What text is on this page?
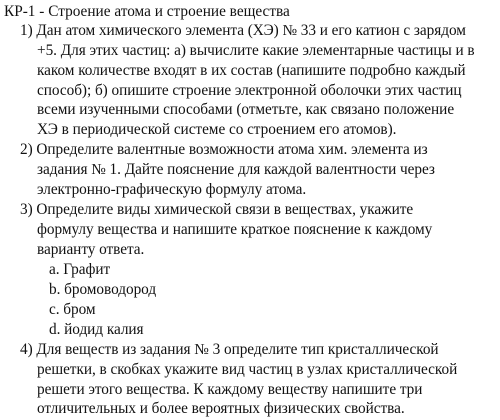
КР-1 - Строение атома и строение вещества
1) Дан атом химического элемента (ХЭ) № 33 и его катион с зарядом
+5. Для этих частиц: а) вычислите какие элементарные частицы и в
каком количестве входят в их состав (напишите подробно каждый
способ); б) опишите строение электронной оболочки этих частиц
всеми изученными способами (отметьте, как связано положение
ХЭ в периодической системе со строением его атомов).
2) Определите валентные возможности атома хим. элемента из
задания № 1. Дайте пояснение для каждой валентности через
электронно-графическую формулу атома.
3) Определите виды химической связи в веществах, укажите
формулу вещества и напишите краткое пояснение к каждому
варианту ответа.
a. Графит
b. бромоводород
c. бром
d. йодид калия
4) Для веществ из задания № 3 определите тип кристаллической
решетки, в скобках укажите вид частиц в узлах кристаллической
решети этого вещества. К каждому веществу напишите три
отличительных и более вероятных физических свойства.
